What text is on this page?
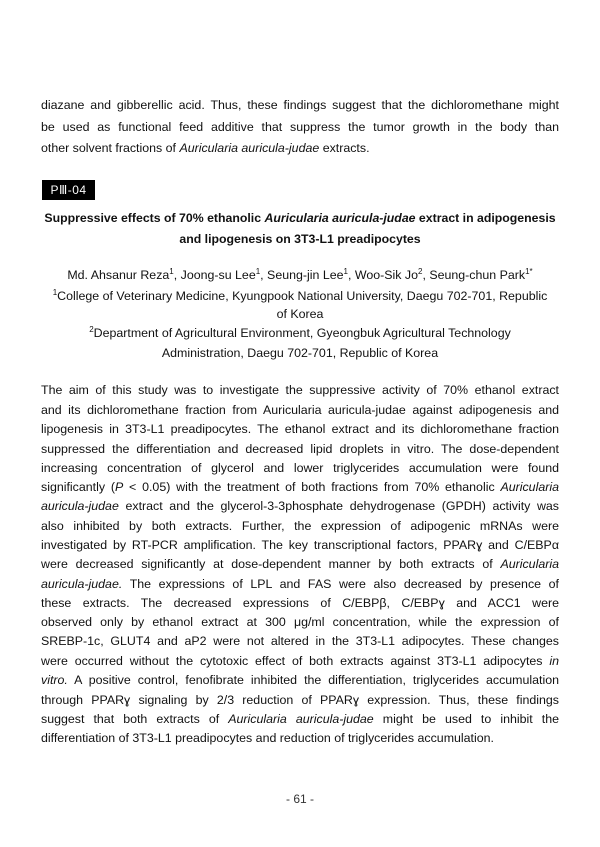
diazane and gibberellic acid. Thus, these findings suggest that the dichloromethane might
be used as functional feed additive that suppress the tumor growth in the body than
other solvent fractions of Auricularia auricula-judae extracts.
PⅢ-04
Suppressive effects of 70% ethanolic Auricularia auricula-judae extract in adipogenesis
and lipogenesis on 3T3-L1 preadipocytes
Md. Ahsanur Reza$^1$, Joong-su Lee$^1$, Seung-jin Lee$^1$, Woo-Sik Jo$^2$, Seung-chun Park$^{1*}$
$^1$College of Veterinary Medicine, Kyungpook National University, Daegu 702-701, Republic
of Korea
$^2$Department of Agricultural Environment, Gyeongbuk Agricultural Technology
Administration, Daegu 702-701, Republic of Korea
The aim of this study was to investigate the suppressive activity of 70% ethanol extract
and its dichloromethane fraction from Auricularia auricula-judae against adipogenesis and
lipogenesis in 3T3-L1 preadipocytes. The ethanol extract and its dichloromethane fraction
suppressed the differentiation and decreased lipid droplets in vitro. The dose-dependent
increasing concentration of glycerol and lower triglycerides accumulation were found
significantly (P < 0.05) with the treatment of both fractions from 70% ethanolic Auricularia
auricula-judae extract and the glycerol-3-3phosphate dehydrogenase (GPDH) activity was
also inhibited by both extracts. Further, the expression of adipogenic mRNAs were
investigated by RT-PCR amplification. The key transcriptional factors, PPARɣ and C/EBPα
were decreased significantly at dose-dependent manner by both extracts of Auricularia
auricula-judae. The expressions of LPL and FAS were also decreased by presence of
these extracts. The decreased expressions of C/EBPβ, C/EBPɣ and ACC1 were
observed only by ethanol extract at 300 μg/ml concentration, while the expression of
SREBP-1c, GLUT4 and aP2 were not altered in the 3T3-L1 adipocytes. These changes
were occurred without the cytotoxic effect of both extracts against 3T3-L1 adipocytes in
vitro. A positive control, fenofibrate inhibited the differentiation, triglycerides accumulation
through PPARɣ signaling by 2/3 reduction of PPARɣ expression. Thus, these findings
suggest that both extracts of Auricularia auricula-judae might be used to inhibit the
differentiation of 3T3-L1 preadipocytes and reduction of triglycerides accumulation.
- 61 -
